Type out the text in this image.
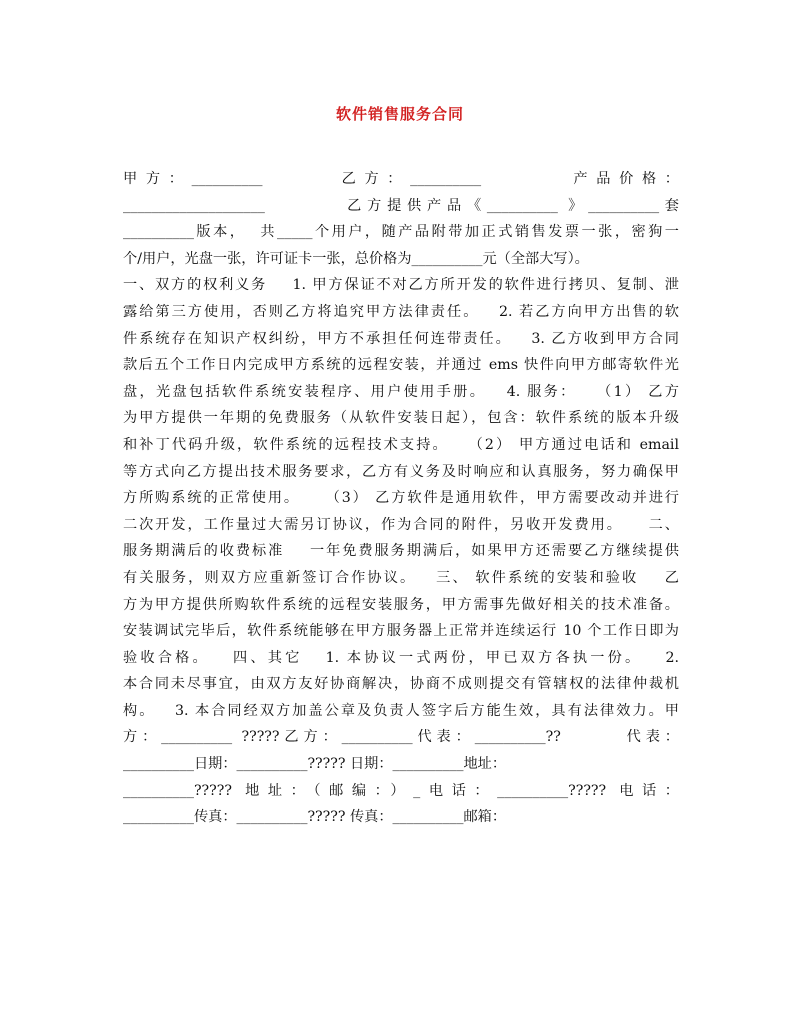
软件销售服务合同
甲方：__________      乙方：__________       产品价格：
____________________        乙方提供产品《__________ 》__________套
__________版本，  共_____个用户，随产品附带加正式销售发票一张，密狗一
个/用户，光盘一张，许可证卡一张，总价格为__________元（全部大写）。
一、双方的权利义务    1. 甲方保证不对乙方所开发的软件进行拷贝、复制、泄
露给第三方使用，否则乙方将追究甲方法律责任。   2. 若乙方向甲方出售的软
件系统存在知识产权纠纷，甲方不承担任何连带责任。   3. 乙方收到甲方合同
款后五个工作日内完成甲方系统的远程安装，并通过 ems 快件向甲方邮寄软件光
盘，光盘包括软件系统安装程序、用户使用手册。   4. 服务：   （1） 乙方
为甲方提供一年期的免费服务（从软件安装日起），包含：软件系统的版本升级
和补丁代码升级，软件系统的远程技术支持。   （2） 甲方通过电话和 email
等方式向乙方提出技术服务要求，乙方有义务及时响应和认真服务，努力确保甲
方所购系统的正常使用。    （3） 乙方软件是通用软件，甲方需要改动并进行
二次开发，工作量过大需另订协议，作为合同的附件，另收开发费用。    二、
服务期满后的收费标准    一年免费服务期满后，如果甲方还需要乙方继续提供
有关服务，则双方应重新签订合作协议。   三、 软件系统的安装和验收    乙
方为甲方提供所购软件系统的远程安装服务，甲方需事先做好相关的技术准备。
安装调试完毕后，软件系统能够在甲方服务器上正常并连续运行 10 个工作日即为
验收合格。   四、其它   1. 本协议一式两份，甲已双方各执一份。   2.
本合同未尽事宜，由双方友好协商解决，协商不成则提交有管辖权的法律仲裁机
构。   3. 本合同经双方加盖公章及负责人签字后方能生效，具有法律效力。甲
方：__________ ?????乙方：__________代表：__________??       代表：
__________日期：__________????? 日期：__________地址：
__________????? 地址：（邮编：）_电话：__________????? 电话：
__________传真：__________????? 传真：__________邮箱：
